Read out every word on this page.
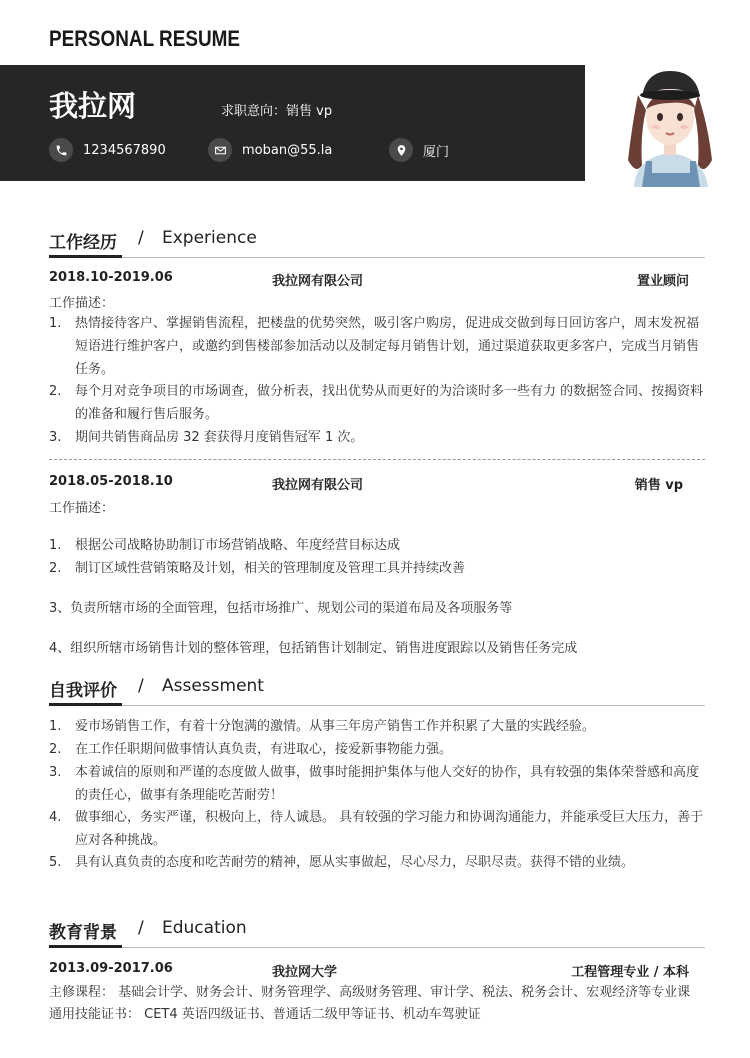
PERSONAL RESUME
我拉网	求职意向：销售 vp
1234567890	moban@55.la	厦门
工作经历 / Experience
2018.10-2019.06	我拉网有限公司	置业顾问
工作描述：
1.	热情接待客户、掌握销售流程，把楼盘的优势突然，吸引客户购房，促进成交做到每日回访客户，周末发祝福短语进行维护客户，或邀约到售楼部参加活动以及制定每月销售计划，通过渠道获取更多客户，完成当月销售任务。
2.	每个月对竞争项目的市场调查，做分析表，找出优势从而更好的为洽谈时多一些有力 的数据签合同、按揭资料的准备和履行售后服务。
3.	期间共销售商品房 32 套获得月度销售冠军 1 次。
2018.05-2018.10	我拉网有限公司	销售 vp
工作描述：
1.	根据公司战略协助制订市场营销战略、年度经营目标达成
2.	制订区域性营销策略及计划，相关的管理制度及管理工具并持续改善
3、负责所辖市场的全面管理，包括市场推广、规划公司的渠道布局及各项服务等
4、组织所辖市场销售计划的整体管理，包括销售计划制定、销售进度跟踪以及销售任务完成
自我评价 / Assessment
1.	爱市场销售工作，有着十分饱满的激情。从事三年房产销售工作并积累了大量的实践经验。
2.	在工作任职期间做事情认真负责，有进取心，接爱新事物能力强。
3.	本着诚信的原则和严谨的态度做人做事，做事时能拥护集体与他人交好的协作，具有较强的集体荣誉感和高度的责任心，做事有条理能吃苦耐劳！
4.	做事细心，务实严谨，积极向上，待人诚恳。 具有较强的学习能力和协调沟通能力，并能承受巨大压力，善于应对各种挑战。
5.	具有认真负责的态度和吃苦耐劳的精神，愿从实事做起，尽心尽力，尽职尽责。获得不错的业绩。
教育背景 / Education
2013.09-2017.06	我拉网大学	工程管理专业 / 本科
主修课程： 基础会计学、财务会计、财务管理学、高级财务管理、审计学、税法、税务会计、宏观经济等专业课
通用技能证书： CET4 英语四级证书、普通话二级甲等证书、机动车驾驶证
